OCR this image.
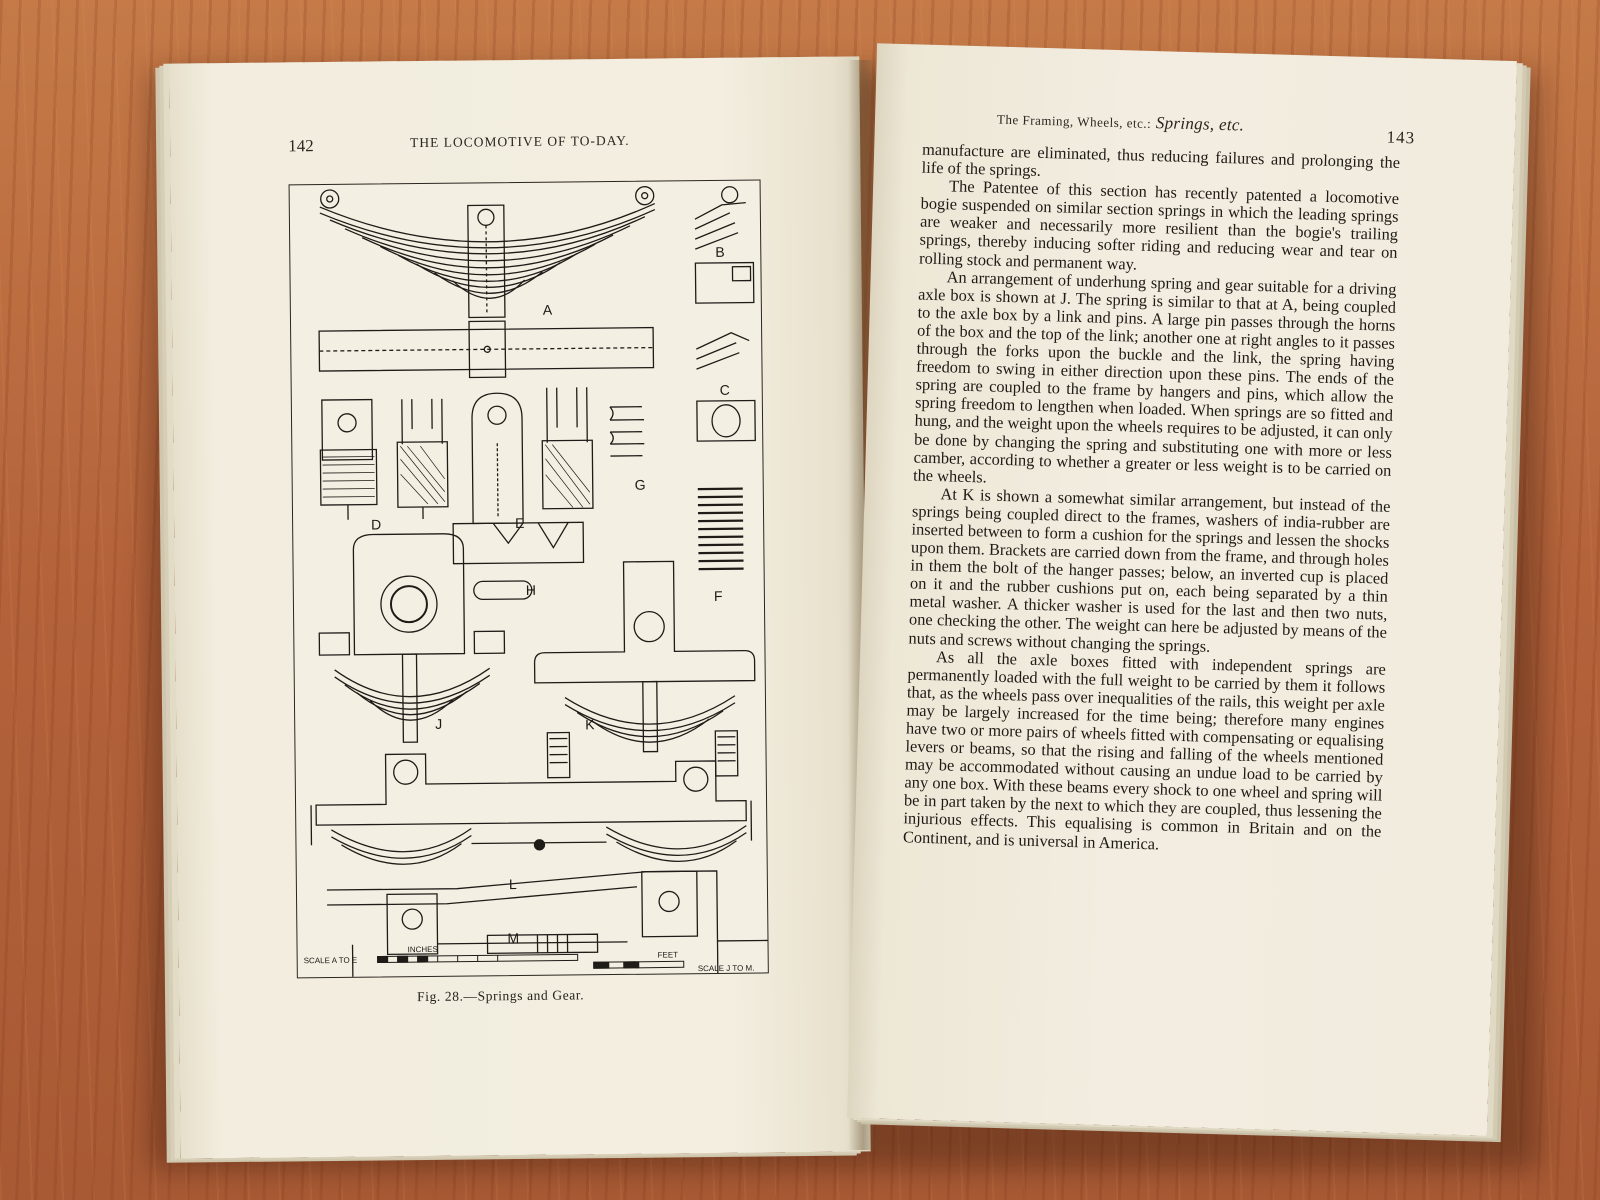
142	THE LOCOMOTIVE OF TO-DAY.
A
B
C
D	E
G
H	F
J	K
L
M
SCALE A TO E
INCHES
SCALE J TO M.
FEET
Fig. 28.—Springs and Gear.
The Framing, Wheels, etc.: Springs, etc.
143

manufacture are eliminated, thus reducing failures and prolonging the life of the springs.

The Patentee of this section has recently patented a locomotive bogie suspended on similar section springs in which the leading springs are weaker and necessarily more resilient than the bogie's trailing springs, thereby inducing softer riding and reducing wear and tear on rolling stock and permanent way.

An arrangement of underhung spring and gear suitable for a driving axle box is shown at J. The spring is similar to that at A, being coupled to the axle box by a link and pins. A large pin passes through the horns of the box and the top of the link; another one at right angles to it passes through the forks upon the buckle and the link, the spring having freedom to swing in either direction upon these pins. The ends of the spring are coupled to the frame by hangers and pins, which allow the spring freedom to lengthen when loaded. When springs are so fitted and hung, and the weight upon the wheels requires to be adjusted, it can only be done by changing the spring and substituting one with more or less camber, according to whether a greater or less weight is to be carried on the wheels.

At K is shown a somewhat similar arrangement, but instead of the springs being coupled direct to the frames, washers of india-rubber are inserted between to form a cushion for the springs and lessen the shocks upon them. Brackets are carried down from the frame, and through holes in them the bolt of the hanger passes; below, an inverted cup is placed on it and the rubber cushions put on, each being separated by a thin metal washer. A thicker washer is used for the last and then two nuts, one checking the other. The weight can here be adjusted by means of the nuts and screws without changing the springs.

As all the axle boxes fitted with independent springs are permanently loaded with the full weight to be carried by them it follows that, as the wheels pass over inequalities of the rails, this weight per axle may be largely increased for the time being; therefore many engines have two or more pairs of wheels fitted with compensating or equalising levers or beams, so that the rising and falling of the wheels mentioned may be accommodated without causing an undue load to be carried by any one box. With these beams every shock to one wheel and spring will be in part taken by the next to which they are coupled, thus lessening the injurious effects. This equalising is common in Britain and on the Continent, and is universal in America.
